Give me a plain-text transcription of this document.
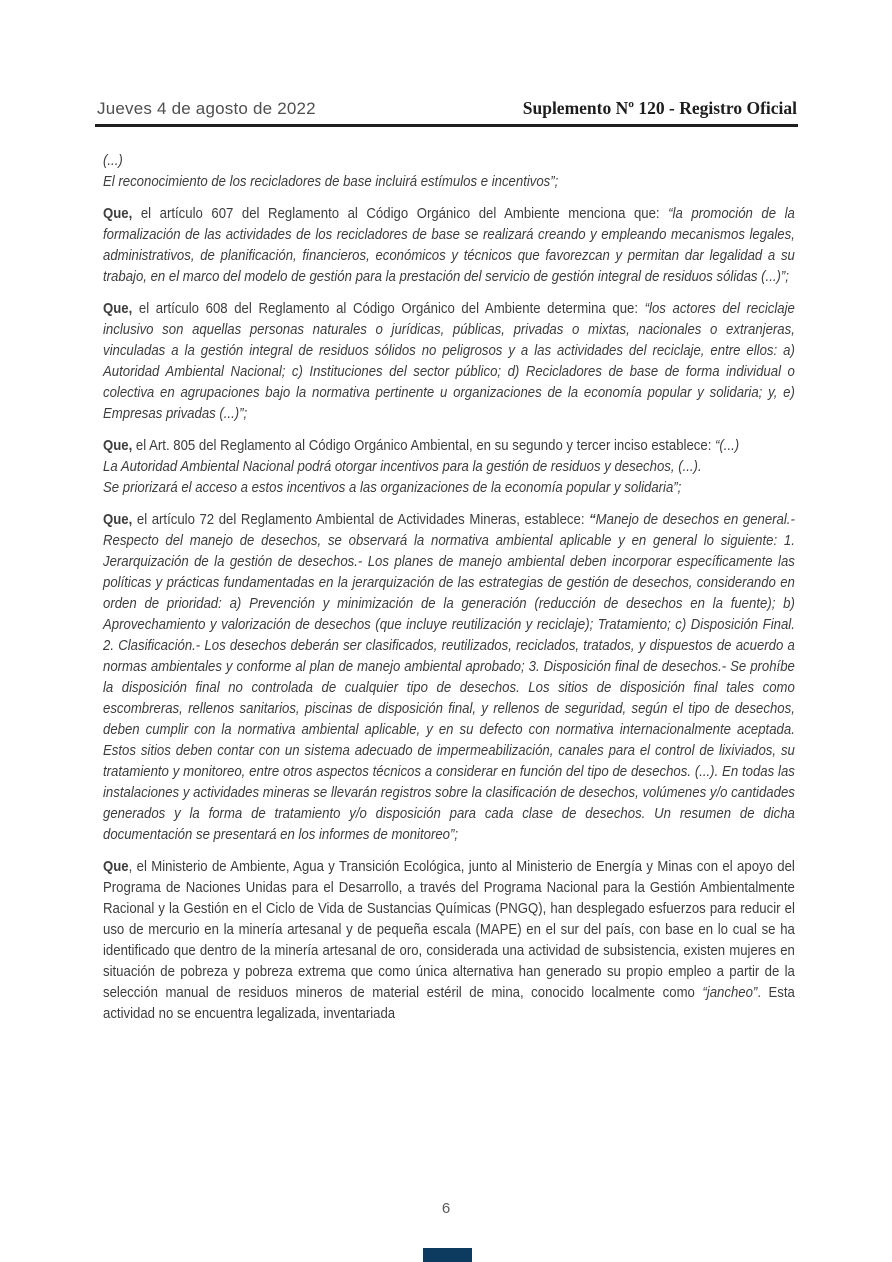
Jueves 4 de agosto de 2022	Suplemento Nº 120 - Registro Oficial

(...)
El reconocimiento de los recicladores de base incluirá estímulos e incentivos”;

Que, el artículo 607 del Reglamento al Código Orgánico del Ambiente menciona que: “la promoción de la formalización de las actividades de los recicladores de base se realizará creando y empleando mecanismos legales, administrativos, de planificación, financieros, económicos y técnicos que favorezcan y permitan dar legalidad a su trabajo, en el marco del modelo de gestión para la prestación del servicio de gestión integral de residuos sólidas (...)”;

Que, el artículo 608 del Reglamento al Código Orgánico del Ambiente determina que: “los actores del reciclaje inclusivo son aquellas personas naturales o jurídicas, públicas, privadas o mixtas, nacionales o extranjeras, vinculadas a la gestión integral de residuos sólidos no peligrosos y a las actividades del reciclaje, entre ellos: a) Autoridad Ambiental Nacional; c) Instituciones del sector público; d) Recicladores de base de forma individual o colectiva en agrupaciones bajo la normativa pertinente u organizaciones de la economía popular y solidaria; y, e) Empresas privadas (...)”;

Que, el Art. 805 del Reglamento al Código Orgánico Ambiental, en su segundo y tercer inciso establece: “(...)
La Autoridad Ambiental Nacional podrá otorgar incentivos para la gestión de residuos y desechos, (...).
Se priorizará el acceso a estos incentivos a las organizaciones de la economía popular y solidaria”;

Que, el artículo 72 del Reglamento Ambiental de Actividades Mineras, establece: “Manejo de desechos en general.- Respecto del manejo de desechos, se observará la normativa ambiental aplicable y en general lo siguiente: 1. Jerarquización de la gestión de desechos.- Los planes de manejo ambiental deben incorporar específicamente las políticas y prácticas fundamentadas en la jerarquización de las estrategias de gestión de desechos, considerando en orden de prioridad: a) Prevención y minimización de la generación (reducción de desechos en la fuente); b) Aprovechamiento y valorización de desechos (que incluye reutilización y reciclaje); Tratamiento; c) Disposición Final. 2. Clasificación.- Los desechos deberán ser clasificados, reutilizados, reciclados, tratados, y dispuestos de acuerdo a normas ambientales y conforme al plan de manejo ambiental aprobado; 3. Disposición final de desechos.- Se prohíbe la disposición final no controlada de cualquier tipo de desechos. Los sitios de disposición final tales como escombreras, rellenos sanitarios, piscinas de disposición final, y rellenos de seguridad, según el tipo de desechos, deben cumplir con la normativa ambiental aplicable, y en su defecto con normativa internacionalmente aceptada. Estos sitios deben contar con un sistema adecuado de impermeabilización, canales para el control de lixiviados, su tratamiento y monitoreo, entre otros aspectos técnicos a considerar en función del tipo de desechos. (...). En todas las instalaciones y actividades mineras se llevarán registros sobre la clasificación de desechos, volúmenes y/o cantidades generados y la forma de tratamiento y/o disposición para cada clase de desechos. Un resumen de dicha documentación se presentará en los informes de monitoreo”;

Que, el Ministerio de Ambiente, Agua y Transición Ecológica, junto al Ministerio de Energía y Minas con el apoyo del Programa de Naciones Unidas para el Desarrollo, a través del Programa Nacional para la Gestión Ambientalmente Racional y la Gestión en el Ciclo de Vida de Sustancias Químicas (PNGQ), han desplegado esfuerzos para reducir el uso de mercurio en la minería artesanal y de pequeña escala (MAPE) en el sur del país, con base en lo cual se ha identificado que dentro de la minería artesanal de oro, considerada una actividad de subsistencia, existen mujeres en situación de pobreza y pobreza extrema que como única alternativa han generado su propio empleo a partir de la selección manual de residuos mineros de material estéril de mina, conocido localmente como “jancheo”. Esta actividad no se encuentra legalizada, inventariada

6
